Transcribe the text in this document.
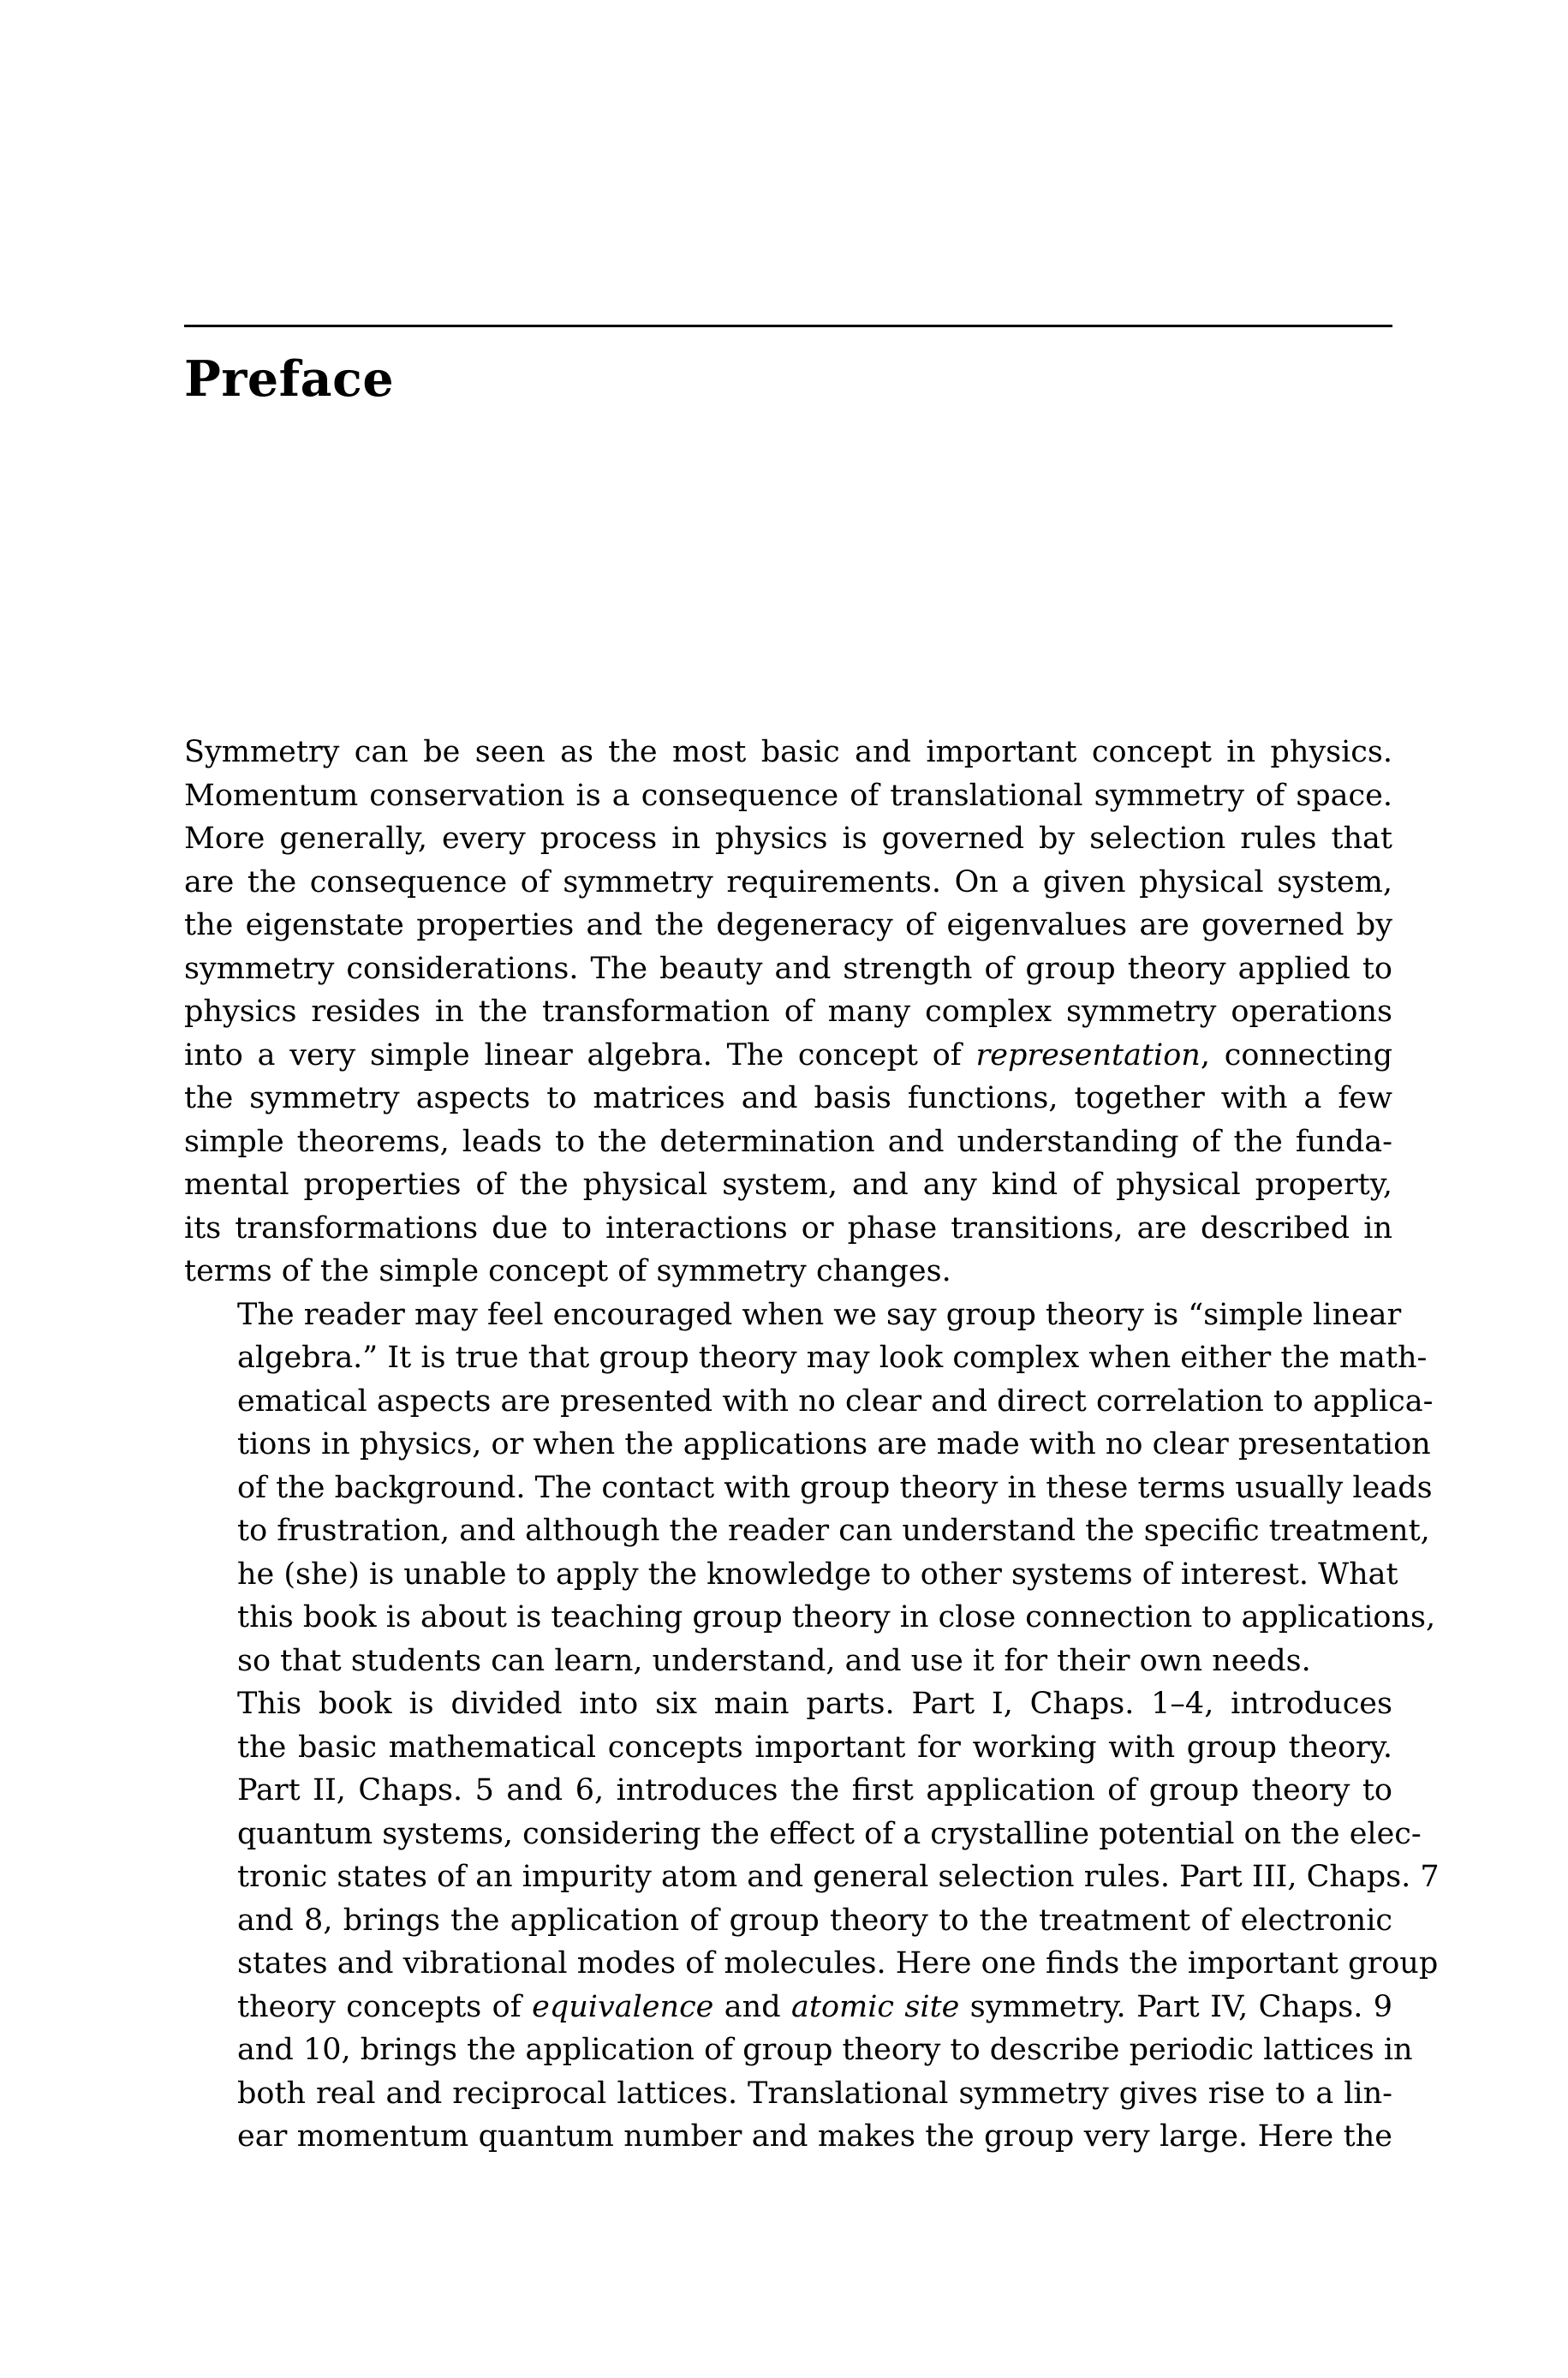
Preface

Symmetry can be seen as the most basic and important concept in physics.
Momentum conservation is a consequence of translational symmetry of space.
More generally, every process in physics is governed by selection rules that
are the consequence of symmetry requirements. On a given physical system,
the eigenstate properties and the degeneracy of eigenvalues are governed by
symmetry considerations. The beauty and strength of group theory applied to
physics resides in the transformation of many complex symmetry operations
into a very simple linear algebra. The concept of representation, connecting
the symmetry aspects to matrices and basis functions, together with a few
simple theorems, leads to the determination and understanding of the funda-
mental properties of the physical system, and any kind of physical property,
its transformations due to interactions or phase transitions, are described in
terms of the simple concept of symmetry changes.

The reader may feel encouraged when we say group theory is “simple linear
algebra.” It is true that group theory may look complex when either the math-
ematical aspects are presented with no clear and direct correlation to applica-
tions in physics, or when the applications are made with no clear presentation
of the background. The contact with group theory in these terms usually leads
to frustration, and although the reader can understand the specific treatment,
he (she) is unable to apply the knowledge to other systems of interest. What
this book is about is teaching group theory in close connection to applications,
so that students can learn, understand, and use it for their own needs.

This book is divided into six main parts. Part I, Chaps. 1–4, introduces
the basic mathematical concepts important for working with group theory.
Part II, Chaps. 5 and 6, introduces the first application of group theory to
quantum systems, considering the effect of a crystalline potential on the elec-
tronic states of an impurity atom and general selection rules. Part III, Chaps. 7
and 8, brings the application of group theory to the treatment of electronic
states and vibrational modes of molecules. Here one finds the important group
theory concepts of equivalence and atomic site symmetry. Part IV, Chaps. 9
and 10, brings the application of group theory to describe periodic lattices in
both real and reciprocal lattices. Translational symmetry gives rise to a lin-
ear momentum quantum number and makes the group very large. Here the
